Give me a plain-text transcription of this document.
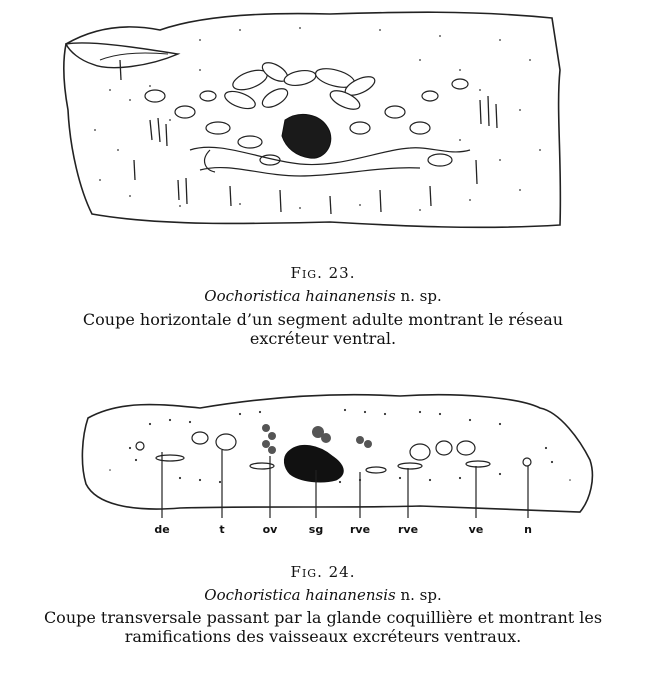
Fig. 23.
Oochoristica hainanensis n. sp.
Coupe horizontale d’un segment adulte montrant le réseau
excréteur ventral.
de	t	ov	sg rve	rve	ve	n
Fig. 24.
Oochoristica hainanensis n. sp.
Coupe transversale passant par la glande coquillière et montrant les
ramifications des vaisseaux excréteurs ventraux.
